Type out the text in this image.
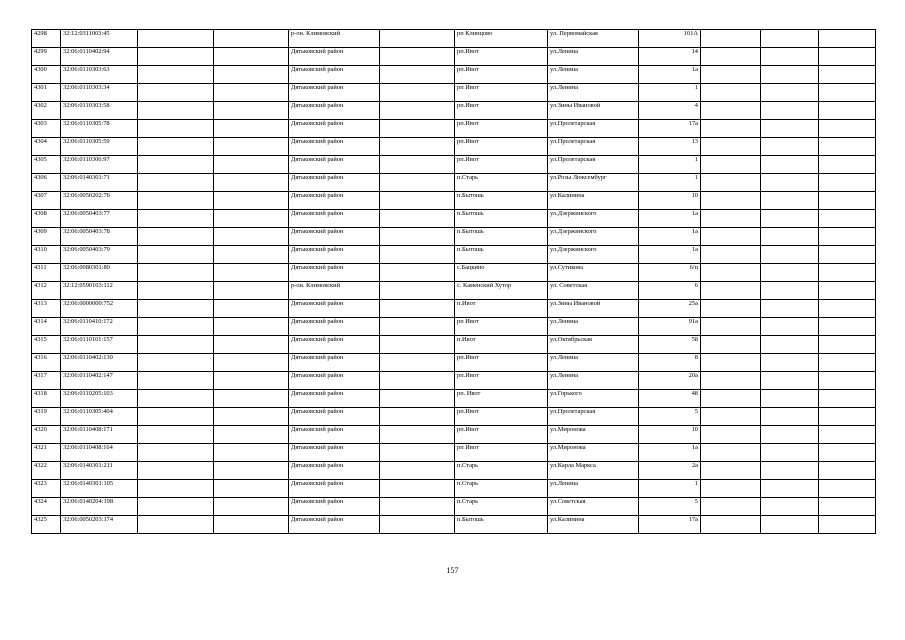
4298	32:12:0311003:45			р-он. Климовский		рп Клинцово	ул. Первомайская	101А			
4299	32:06:0110402:94			Дятьковский район		рп.Ивот	ул.Ленина	14			
4300	32:06:0110303:63			Дятьковский район		рп.Ивот	ул.Ленина	1а			
4301	32:06:0110303:34			Дятьковский район		рп Ивот	ул.Ленина	1			
4302	32:06:0110303:58			Дятьковский район		рп.Ивот	ул.Зины Ивановой	4			
4303	32:06:0110305:78			Дятьковский район		рп.Ивот	ул.Пролетарская	17а			
4304	32:06:0110305:59			Дятьковский район		рп.Ивот	ул.Пролетарская	13			
4305	32:06:0110306:97			Дятьковский район		рп.Ивот	ул.Пролетарская	1			
4306	32:06:0140301:71			Дятьковский район		п.Старь	ул.Розы Люксембург	1			
4307	32:06:0050202:76			Дятьковский район		п.Бытошь	ул.Калинина	10			
4308	32:06:0050403:77			Дятьковский район		п.Бытошь	ул.Дзержинского	1а			
4309	32:06:0050403:78			Дятьковский район		п.Бытошь	ул.Дзержинского	1а			
4310	32:06:0050403:79			Дятьковский район		п.Бытошь	ул.Дзержинского	1а			
4311	32:06:0080301:80			Дятьковский район		с.Бацкино	ул.Сутикова	6/п			
4312	32:12:0590103:112			р-он. Климовский		с. Каменский Хутор	ул. Советская	6			
4313	32:06:0000000:752			Дятьковский район		п.Ивот	ул.Зины Ивановой	25а			
4314	32:06:0110410:172			Дятьковский район		рп Ивот	ул.Ленина	91а			
4315	32:06:0110101:157			Дятьковский район		п.Ивот	ул.Октябрьская	58			
4316	32:06:0110402:130			Дятьковский район		рп.Ивот	ул.Ленина	8			
4317	32:06:0110402:147			Дятьковский район		рп.Ивот	ул.Ленина	20а			
4318	32:06:0110205:103			Дятьковский район		рп. Ивот	ул.Горького	48			
4319	32:06:0110305:404			Дятьковский район		рп.Ивот	ул.Пролетарская	5			
4320	32:06:0110408:171			Дятьковский район		рп.Ивот	ул.Миронова	10			
4321	32:06:0110408:164			Дятьковский район		рп Ивот	ул.Миронова	1а			
4322	32:06:0140301:211			Дятьковский район		п.Старь	ул.Карла Маркса	2а			
4323	32:06:0140301:105			Дятьковский район		п.Старь	ул.Ленина	1			
4324	32:06:0140204:198			Дятьковский район		п.Старь	ул.Советская	5			
4325	32:06:0050203:174			Дятьковский район		п.Бытошь	ул.Калинина	17а			
157
